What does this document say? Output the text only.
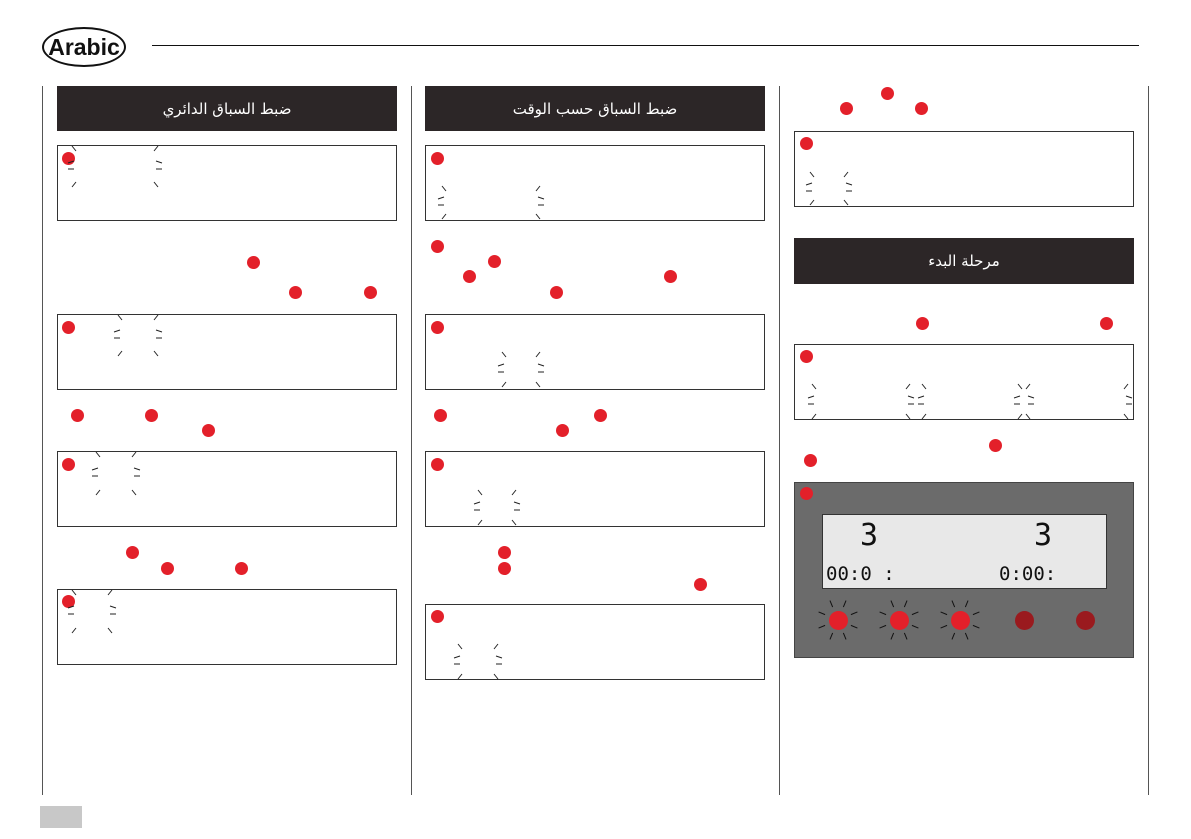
Arabic
ضبط السباق الدائري	ضبط السباق حسب الوقت
مرحلة البدء
3	3
00:0 :	0:00:
